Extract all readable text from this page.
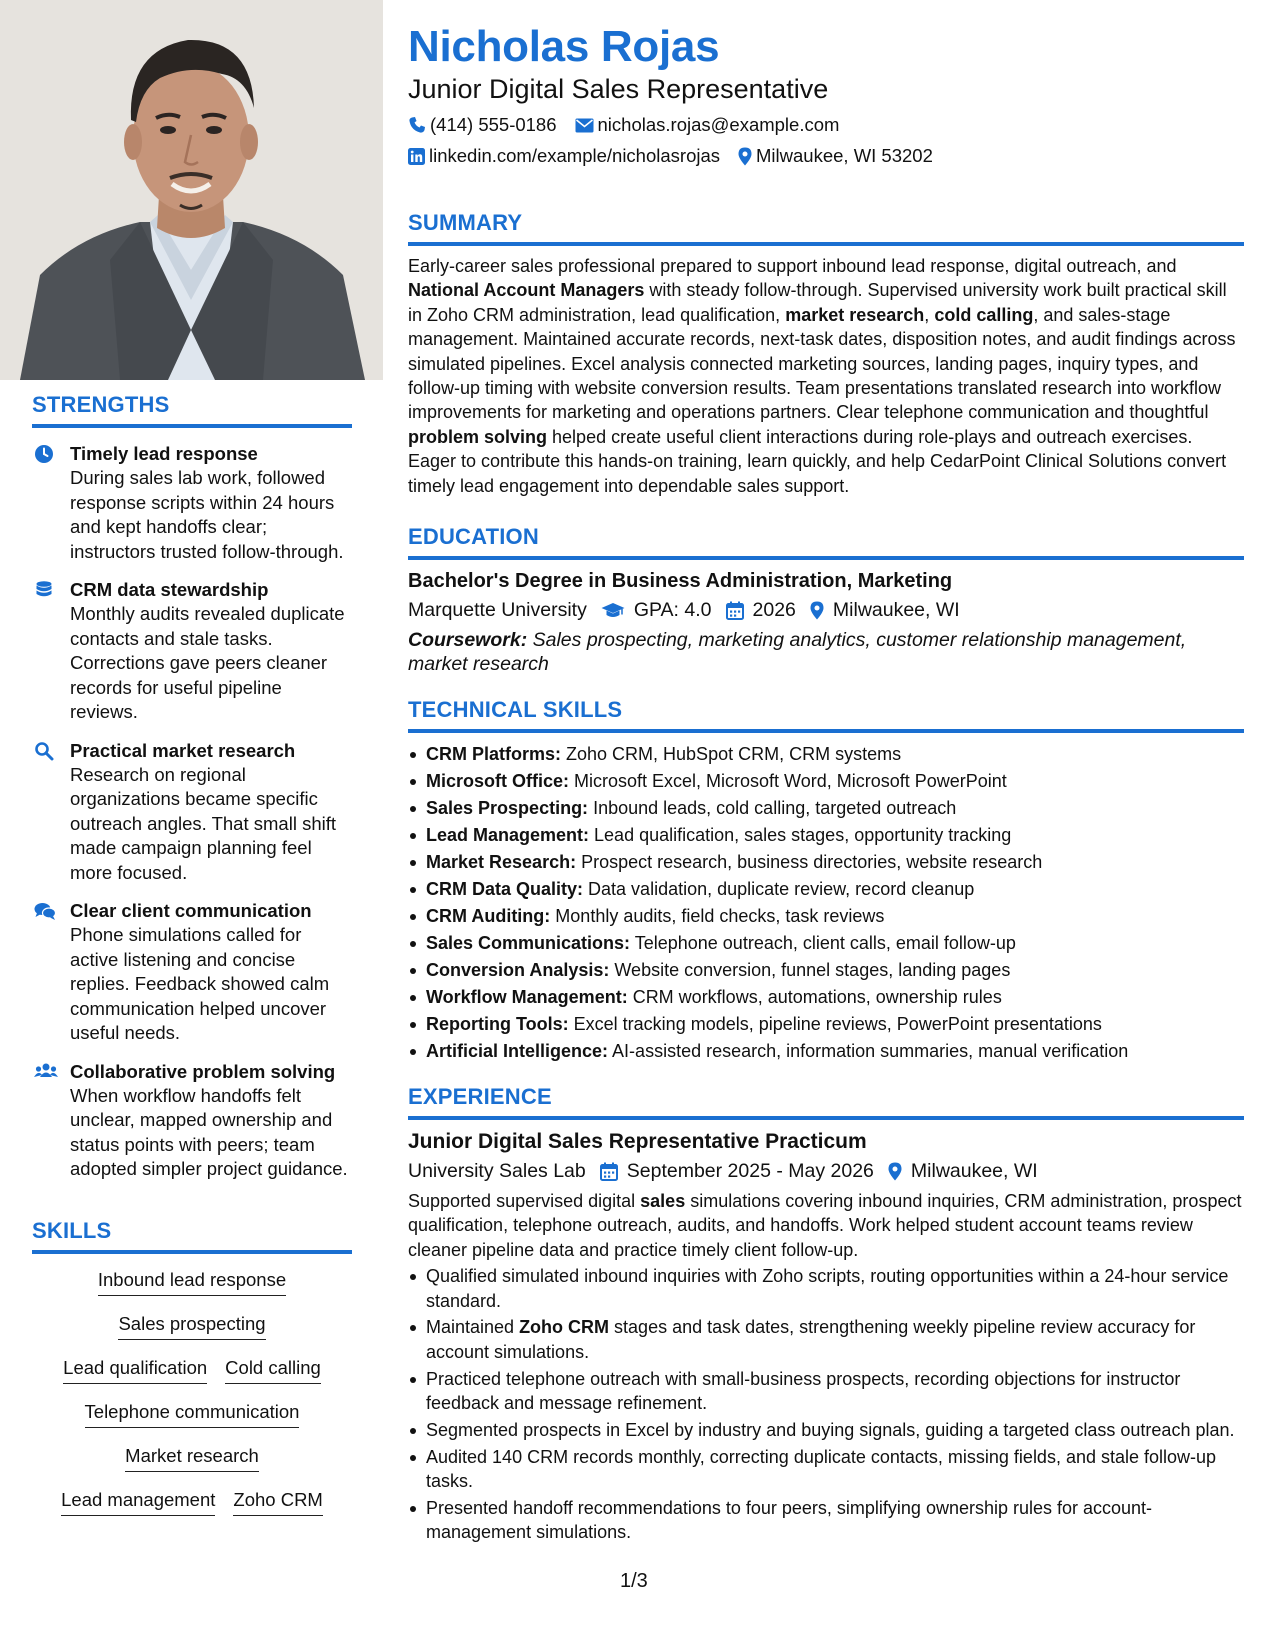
STRENGTHS
Timely lead response
During sales lab work, followed response scripts within 24 hours and kept handoffs clear; instructors trusted follow-through.
CRM data stewardship
Monthly audits revealed duplicate contacts and stale tasks. Corrections gave peers cleaner records for useful pipeline reviews.
Practical market research
Research on regional organizations became specific outreach angles. That small shift made campaign planning feel more focused.
Clear client communication
Phone simulations called for active listening and concise replies. Feedback showed calm communication helped uncover useful needs.
Collaborative problem solving
When workflow handoffs felt unclear, mapped ownership and status points with peers; team adopted simpler project guidance.
SKILLS
Inbound lead response
Sales prospecting
Lead qualification Cold calling
Telephone communication
Market research
Lead management Zoho CRM
Nicholas Rojas
Junior Digital Sales Representative
(414) 555-0186 nicholas.rojas@example.com
linkedin.com/example/nicholasrojas Milwaukee, WI 53202
SUMMARY

Early-career sales professional prepared to support inbound lead response, digital outreach, and National Account Managers with steady follow-through. Supervised university work built practical skill in Zoho CRM administration, lead qualification, market research, cold calling, and sales-stage management. Maintained accurate records, next-task dates, disposition notes, and audit findings across simulated pipelines. Excel analysis connected marketing sources, landing pages, inquiry types, and follow-up timing with website conversion results. Team presentations translated research into workflow improvements for marketing and operations partners. Clear telephone communication and thoughtful problem solving helped create useful client interactions during role-plays and outreach exercises. Eager to contribute this hands-on training, learn quickly, and help CedarPoint Clinical Solutions convert timely lead engagement into dependable sales support.

EDUCATION
Bachelor's Degree in Business Administration, Marketing
Marquette University GPA: 4.0 2026 Milwaukee, WI
Coursework: Sales prospecting, marketing analytics, customer relationship management, market research
TECHNICAL SKILLS
CRM Platforms: Zoho CRM, HubSpot CRM, CRM systems
Microsoft Office: Microsoft Excel, Microsoft Word, Microsoft PowerPoint
Sales Prospecting: Inbound leads, cold calling, targeted outreach
Lead Management: Lead qualification, sales stages, opportunity tracking
Market Research: Prospect research, business directories, website research
CRM Data Quality: Data validation, duplicate review, record cleanup
CRM Auditing: Monthly audits, field checks, task reviews
Sales Communications: Telephone outreach, client calls, email follow-up
Conversion Analysis: Website conversion, funnel stages, landing pages
Workflow Management: CRM workflows, automations, ownership rules
Reporting Tools: Excel tracking models, pipeline reviews, PowerPoint presentations
Artificial Intelligence: AI-assisted research, information summaries, manual verification
EXPERIENCE
Junior Digital Sales Representative Practicum
University Sales Lab September 2025 - May 2026 Milwaukee, WI

Supported supervised digital sales simulations covering inbound inquiries, CRM administration, prospect qualification, telephone outreach, audits, and handoffs. Work helped student account teams review cleaner pipeline data and practice timely client follow-up.

Qualified simulated inbound inquiries with Zoho scripts, routing opportunities within a 24-hour service standard.
Maintained Zoho CRM stages and task dates, strengthening weekly pipeline review accuracy for account simulations.
Practiced telephone outreach with small-business prospects, recording objections for instructor feedback and message refinement.
Segmented prospects in Excel by industry and buying signals, guiding a targeted class outreach plan.
Audited 140 CRM records monthly, correcting duplicate contacts, missing fields, and stale follow-up tasks.
Presented handoff recommendations to four peers, simplifying ownership rules for account-management simulations.
1/3
